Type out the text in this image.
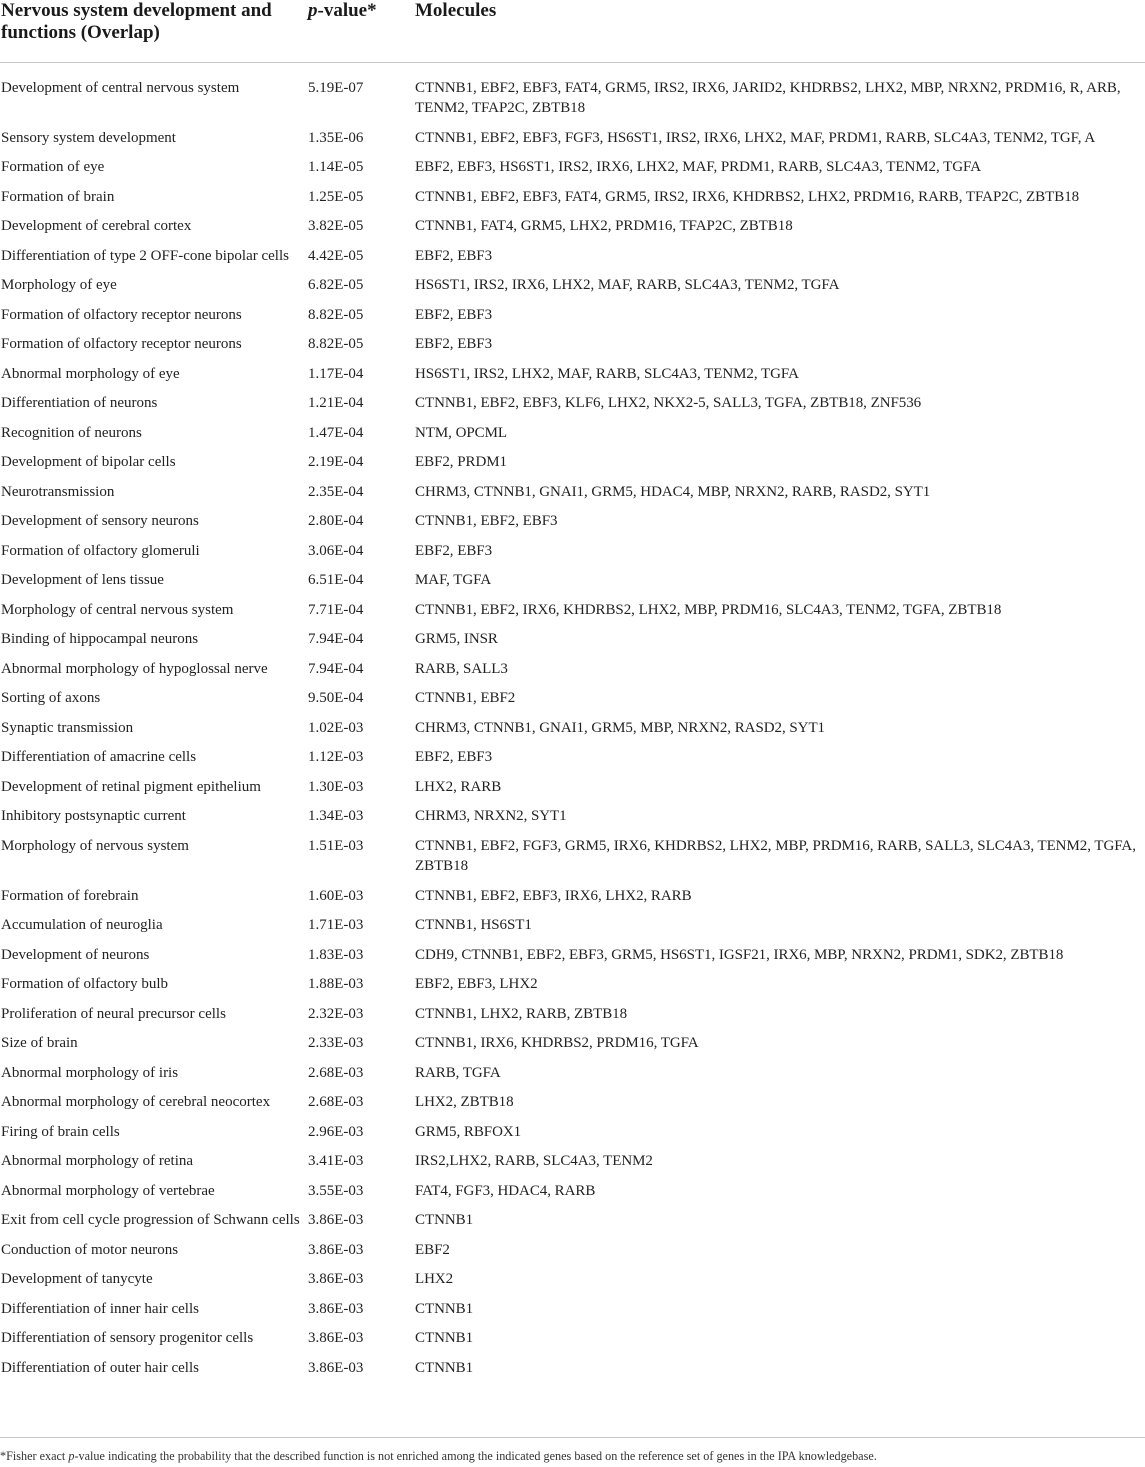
Nervous system development and functions (Overlap)	p-value*	Molecules
Development of central nervous system	5.19E-07	CTNNB1, EBF2, EBF3, FAT4, GRM5, IRS2, IRX6, JARID2, KHDRBS2, LHX2, MBP, NRXN2, PRDM16, R, ARB, TENM2, TFAP2C, ZBTB18
Sensory system development	1.35E-06	CTNNB1, EBF2, EBF3, FGF3, HS6ST1, IRS2, IRX6, LHX2, MAF, PRDM1, RARB, SLC4A3, TENM2, TGF, A
Formation of eye	1.14E-05	EBF2, EBF3, HS6ST1, IRS2, IRX6, LHX2, MAF, PRDM1, RARB, SLC4A3, TENM2, TGFA
Formation of brain	1.25E-05	CTNNB1, EBF2, EBF3, FAT4, GRM5, IRS2, IRX6, KHDRBS2, LHX2, PRDM16, RARB, TFAP2C, ZBTB18
Development of cerebral cortex	3.82E-05	CTNNB1, FAT4, GRM5, LHX2, PRDM16, TFAP2C, ZBTB18
Differentiation of type 2 OFF-cone bipolar cells	4.42E-05	EBF2, EBF3
Morphology of eye	6.82E-05	HS6ST1, IRS2, IRX6, LHX2, MAF, RARB, SLC4A3, TENM2, TGFA
Formation of olfactory receptor neurons	8.82E-05	EBF2, EBF3
Formation of olfactory receptor neurons	8.82E-05	EBF2, EBF3
Abnormal morphology of eye	1.17E-04	HS6ST1, IRS2, LHX2, MAF, RARB, SLC4A3, TENM2, TGFA
Differentiation of neurons	1.21E-04	CTNNB1, EBF2, EBF3, KLF6, LHX2, NKX2-5, SALL3, TGFA, ZBTB18, ZNF536
Recognition of neurons	1.47E-04	NTM, OPCML
Development of bipolar cells	2.19E-04	EBF2, PRDM1
Neurotransmission	2.35E-04	CHRM3, CTNNB1, GNAI1, GRM5, HDAC4, MBP, NRXN2, RARB, RASD2, SYT1
Development of sensory neurons	2.80E-04	CTNNB1, EBF2, EBF3
Formation of olfactory glomeruli	3.06E-04	EBF2, EBF3
Development of lens tissue	6.51E-04	MAF, TGFA
Morphology of central nervous system	7.71E-04	CTNNB1, EBF2, IRX6, KHDRBS2, LHX2, MBP, PRDM16, SLC4A3, TENM2, TGFA, ZBTB18
Binding of hippocampal neurons	7.94E-04	GRM5, INSR
Abnormal morphology of hypoglossal nerve	7.94E-04	RARB, SALL3
Sorting of axons	9.50E-04	CTNNB1, EBF2
Synaptic transmission	1.02E-03	CHRM3, CTNNB1, GNAI1, GRM5, MBP, NRXN2, RASD2, SYT1
Differentiation of amacrine cells	1.12E-03	EBF2, EBF3
Development of retinal pigment epithelium	1.30E-03	LHX2, RARB
Inhibitory postsynaptic current	1.34E-03	CHRM3, NRXN2, SYT1
Morphology of nervous system	1.51E-03	CTNNB1, EBF2, FGF3, GRM5, IRX6, KHDRBS2, LHX2, MBP, PRDM16, RARB, SALL3, SLC4A3, TENM2, TGFA, ZBTB18
Formation of forebrain	1.60E-03	CTNNB1, EBF2, EBF3, IRX6, LHX2, RARB
Accumulation of neuroglia	1.71E-03	CTNNB1, HS6ST1
Development of neurons	1.83E-03	CDH9, CTNNB1, EBF2, EBF3, GRM5, HS6ST1, IGSF21, IRX6, MBP, NRXN2, PRDM1, SDK2, ZBTB18
Formation of olfactory bulb	1.88E-03	EBF2, EBF3, LHX2
Proliferation of neural precursor cells	2.32E-03	CTNNB1, LHX2, RARB, ZBTB18
Size of brain	2.33E-03	CTNNB1, IRX6, KHDRBS2, PRDM16, TGFA
Abnormal morphology of iris	2.68E-03	RARB, TGFA
Abnormal morphology of cerebral neocortex	2.68E-03	LHX2, ZBTB18
Firing of brain cells	2.96E-03	GRM5, RBFOX1
Abnormal morphology of retina	3.41E-03	IRS2,LHX2, RARB, SLC4A3, TENM2
Abnormal morphology of vertebrae	3.55E-03	FAT4, FGF3, HDAC4, RARB
Exit from cell cycle progression of Schwann cells	3.86E-03	CTNNB1
Conduction of motor neurons	3.86E-03	EBF2
Development of tanycyte	3.86E-03	LHX2
Differentiation of inner hair cells	3.86E-03	CTNNB1
Differentiation of sensory progenitor cells	3.86E-03	CTNNB1
Differentiation of outer hair cells	3.86E-03	CTNNB1
*Fisher exact p-value indicating the probability that the described function is not enriched among the indicated genes based on the reference set of genes in the IPA knowledgebase.
